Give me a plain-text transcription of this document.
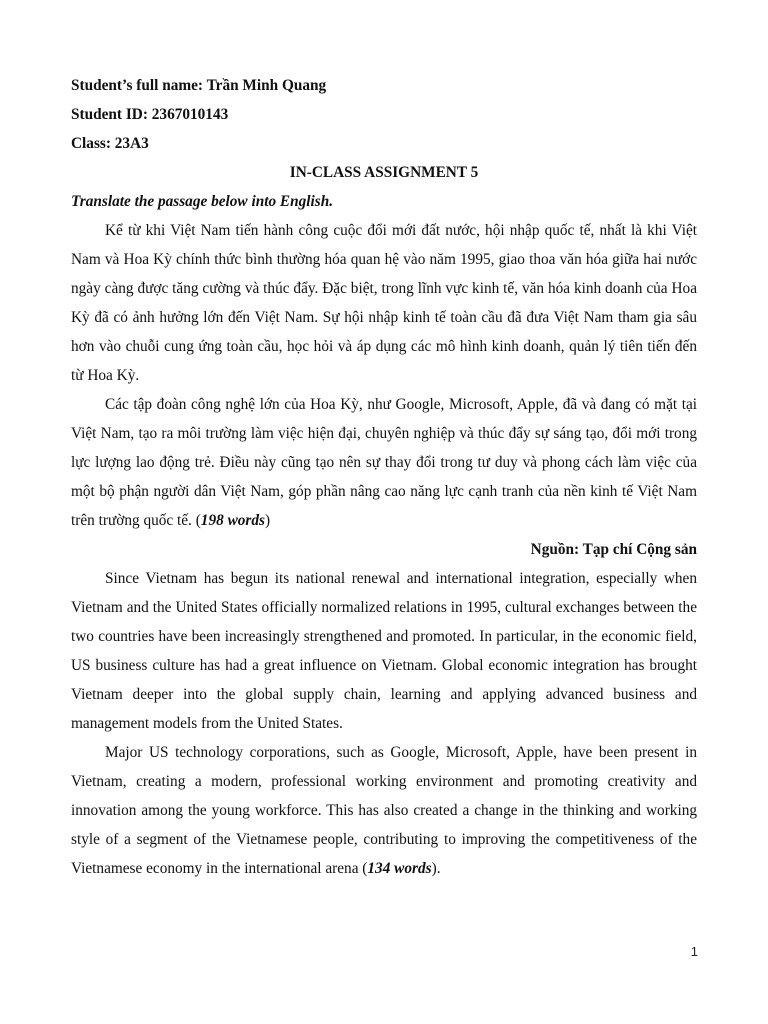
Student’s full name: Trần Minh Quang

Student ID: 2367010143

Class: 23A3

IN-CLASS ASSIGNMENT 5

Translate the passage below into English.

Kể từ khi Việt Nam tiến hành công cuộc đổi mới đất nước, hội nhập quốc tế, nhất là khi Việt Nam và Hoa Kỳ chính thức bình thường hóa quan hệ vào năm 1995, giao thoa văn hóa giữa hai nước ngày càng được tăng cường và thúc đẩy. Đặc biệt, trong lĩnh vực kinh tế, văn hóa kinh doanh của Hoa Kỳ đã có ảnh hưởng lớn đến Việt Nam. Sự hội nhập kinh tế toàn cầu đã đưa Việt Nam tham gia sâu hơn vào chuỗi cung ứng toàn cầu, học hỏi và áp dụng các mô hình kinh doanh, quản lý tiên tiến đến từ Hoa Kỳ.

Các tập đoàn công nghệ lớn của Hoa Kỳ, như Google, Microsoft, Apple, đã và đang có mặt tại Việt Nam, tạo ra môi trường làm việc hiện đại, chuyên nghiệp và thúc đẩy sự sáng tạo, đổi mới trong lực lượng lao động trẻ. Điều này cũng tạo nên sự thay đổi trong tư duy và phong cách làm việc của một bộ phận người dân Việt Nam, góp phần nâng cao năng lực cạnh tranh của nền kinh tế Việt Nam trên trường quốc tế. (198 words)

Nguồn: Tạp chí Cộng sản

Since Vietnam has begun its national renewal and international integration, especially when Vietnam and the United States officially normalized relations in 1995, cultural exchanges between the two countries have been increasingly strengthened and promoted. In particular, in the economic field, US business culture has had a great influence on Vietnam. Global economic integration has brought Vietnam deeper into the global supply chain, learning and applying advanced business and management models from the United States.

Major US technology corporations, such as Google, Microsoft, Apple, have been present in Vietnam, creating a modern, professional working environment and promoting creativity and innovation among the young workforce. This has also created a change in the thinking and working style of a segment of the Vietnamese people, contributing to improving the competitiveness of the Vietnamese economy in the international arena (134 words).

1
